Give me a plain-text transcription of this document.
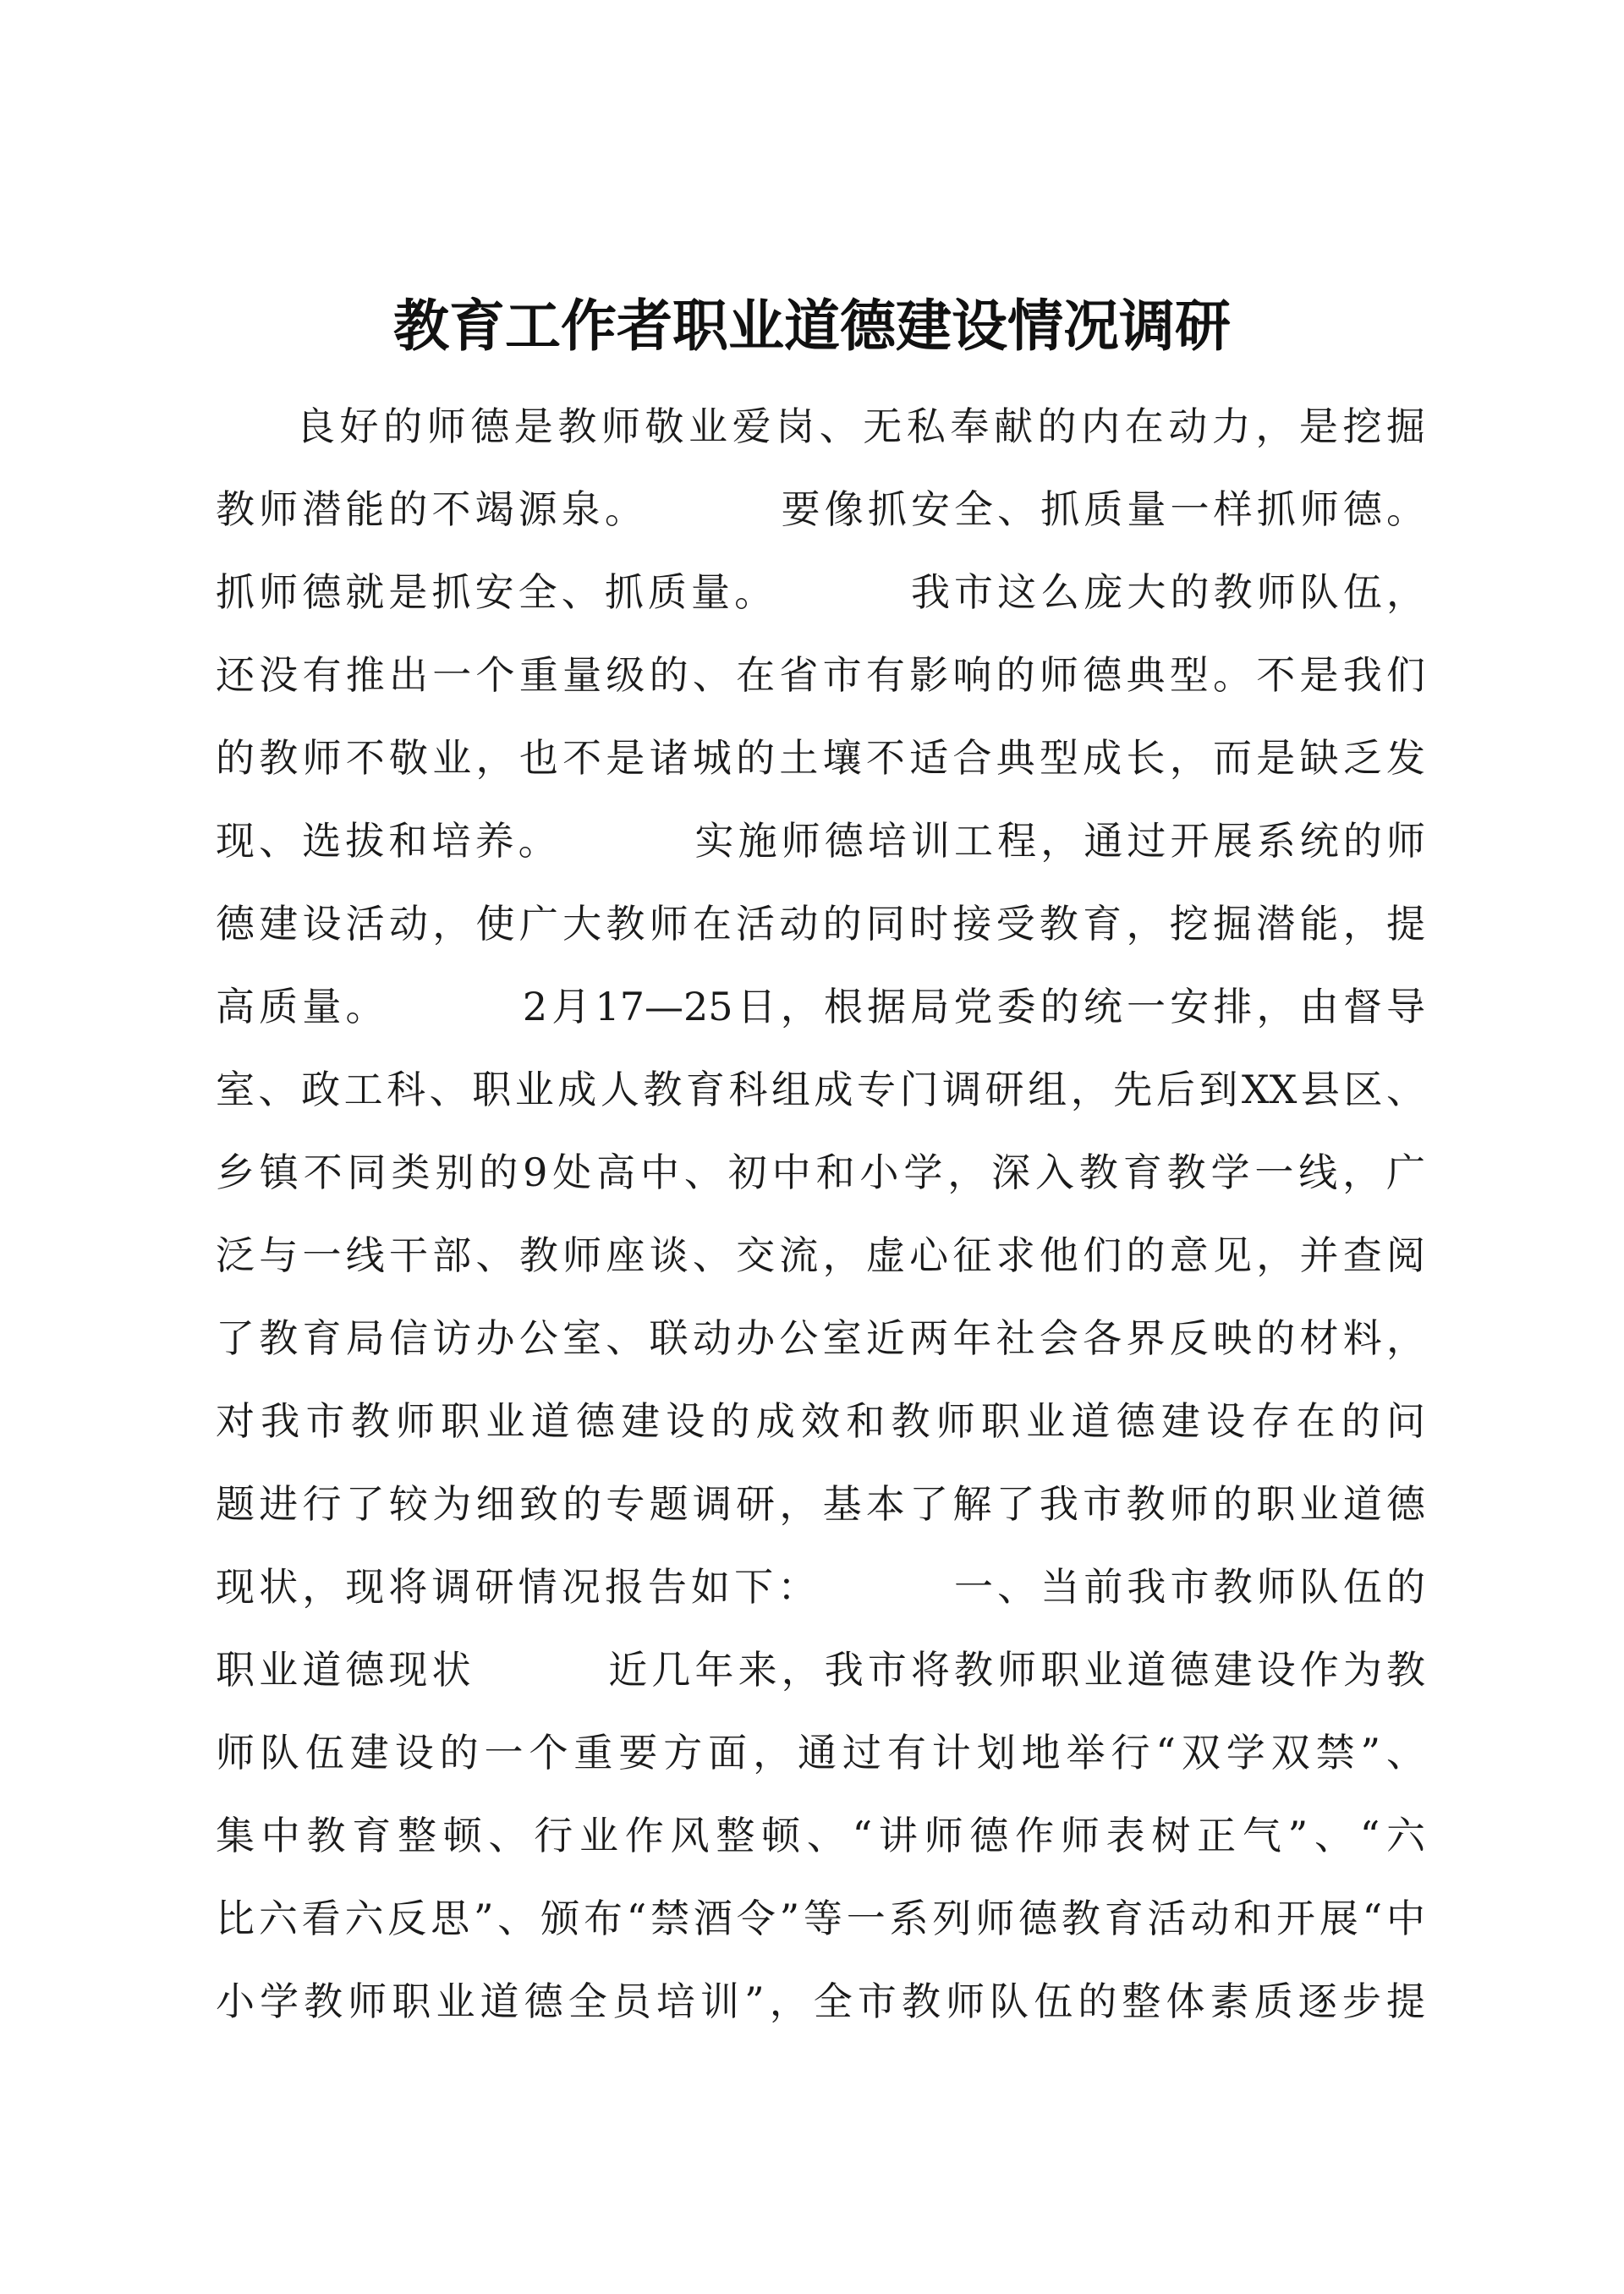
教育工作者职业道德建设情况调研
良好的师德是教师敬业爱岗、无私奉献的内在动力，是挖掘
教师潜能的不竭源泉。        要像抓安全、抓质量一样抓师德。
抓师德就是抓安全、抓质量。        我市这么庞大的教师队伍，
还没有推出一个重量级的、在省市有影响的师德典型。不是我们
的教师不敬业，也不是诸城的土壤不适合典型成长，而是缺乏发
现、选拔和培养。        实施师德培训工程，通过开展系统的师
德建设活动，使广大教师在活动的同时接受教育，挖掘潜能，提
高质量。        2月17—25日，根据局党委的统一安排，由督导
室、政工科、职业成人教育科组成专门调研组，先后到XX县区、
乡镇不同类别的9处高中、初中和小学，深入教育教学一线，广
泛与一线干部、教师座谈、交流，虚心征求他们的意见，并查阅
了教育局信访办公室、联动办公室近两年社会各界反映的材料，
对我市教师职业道德建设的成效和教师职业道德建设存在的问
题进行了较为细致的专题调研，基本了解了我市教师的职业道德
现状，现将调研情况报告如下：        一、当前我市教师队伍的
职业道德现状        近几年来，我市将教师职业道德建设作为教
师队伍建设的一个重要方面，通过有计划地举行“双学双禁”、
集中教育整顿、行业作风整顿、“讲师德作师表树正气”、“六
比六看六反思”、颁布“禁酒令”等一系列师德教育活动和开展“中
小学教师职业道德全员培训”，全市教师队伍的整体素质逐步提
